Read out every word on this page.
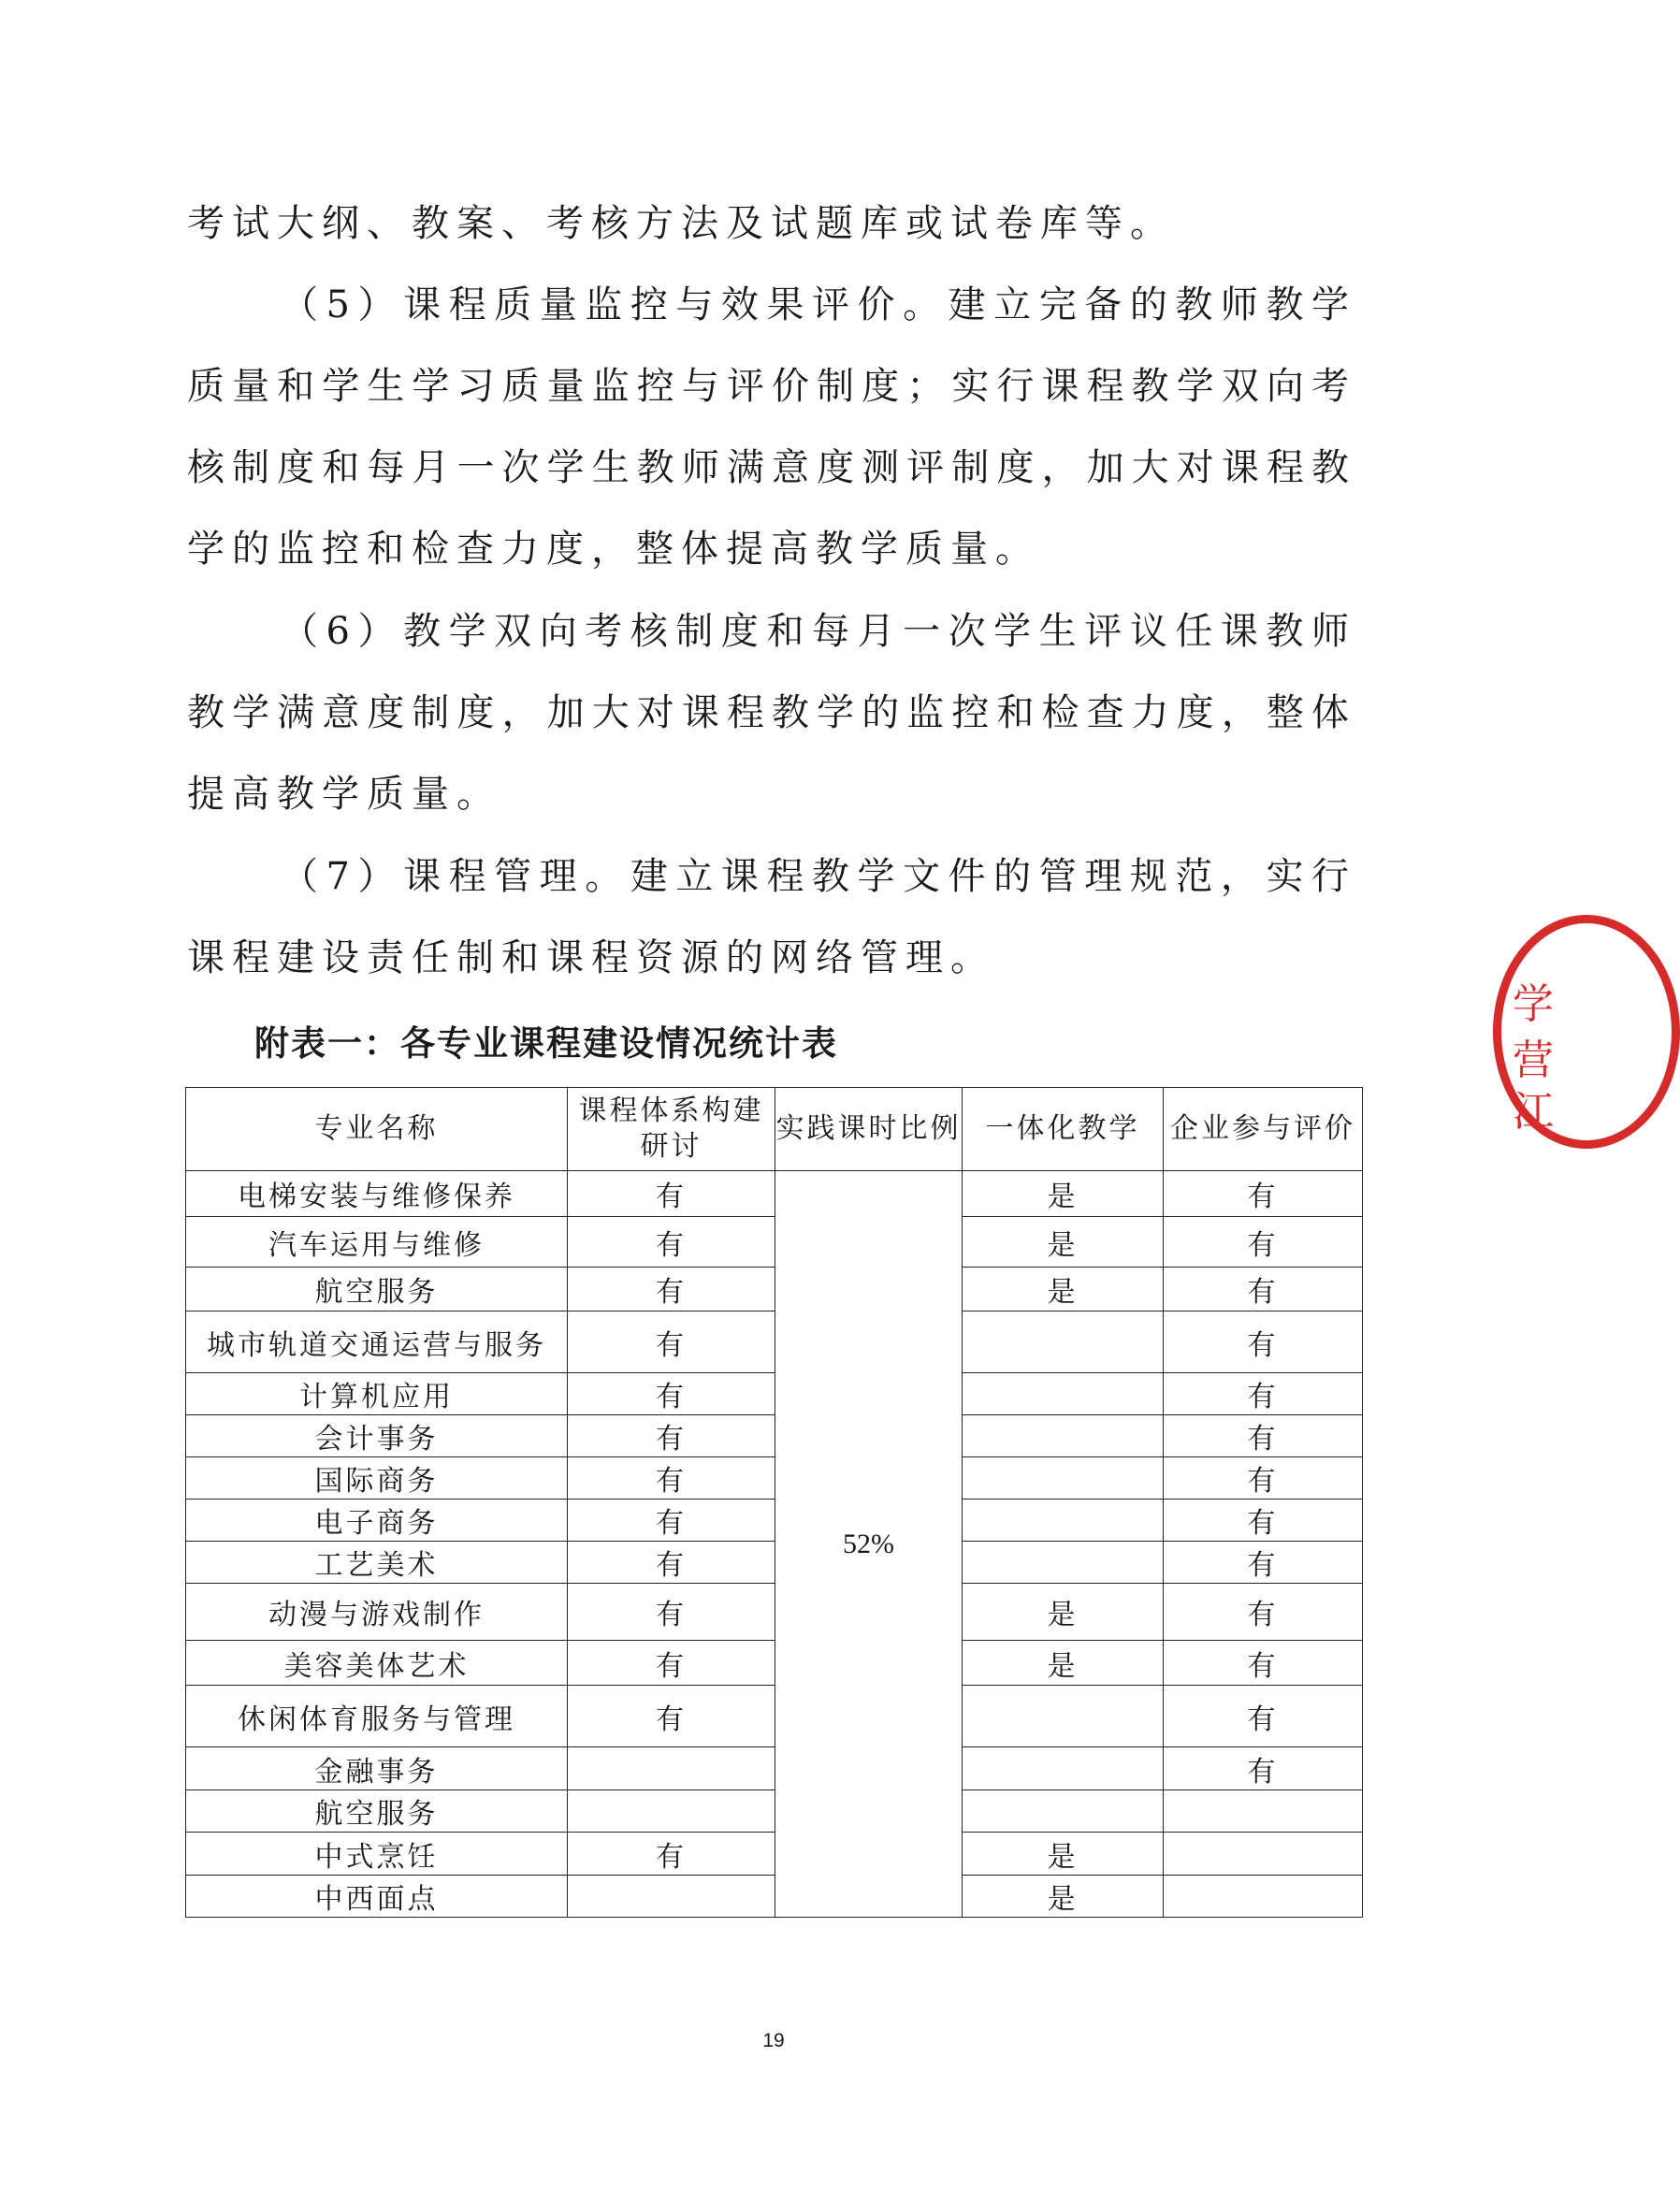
考试大纲、教案、考核方法及试题库或试卷库等。

（5）课程质量监控与效果评价。建立完备的教师教学质量和学生学习质量监控与评价制度；实行课程教学双向考核制度和每月一次学生教师满意度测评制度，加大对课程教学的监控和检查力度，整体提高教学质量。

（6）教学双向考核制度和每月一次学生评议任课教师教学满意度制度，加大对课程教学的监控和检查力度，整体提高教学质量。

（7）课程管理。建立课程教学文件的管理规范，实行课程建设责任制和课程资源的网络管理。

附表一：各专业课程建设情况统计表

专业名称	课程体系构建研讨	实践课时比例	一体化教学	企业参与评价
电梯安装与维修保养	有	52%	是	有
汽车运用与维修	有		是	有
航空服务	有		是	有
城市轨道交通运营与服务	有			有
计算机应用	有			有
会计事务	有			有
国际商务	有			有
电子商务	有			有
工艺美术	有			有
动漫与游戏制作	有		是	有
美容美体艺术	有		是	有
休闲体育服务与管理	有			有
金融事务				有
航空服务				
中式烹饪	有		是	
中西面点			是	
19
学
营
江
